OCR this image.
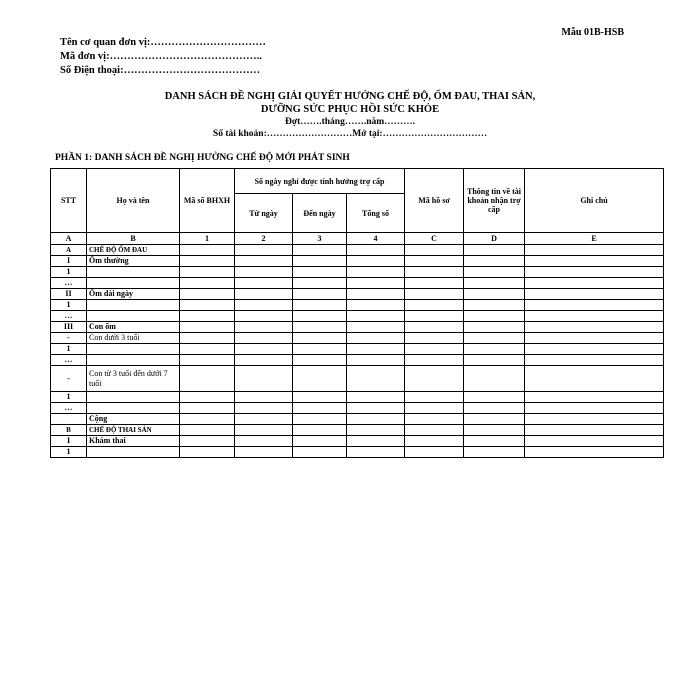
Mẫu 01B-HSB
Tên cơ quan đơn vị:……………………………
Mã đơn vị:……………………………………..
Số Điện thoại:…………………………………
DANH SÁCH ĐỀ NGHỊ GIẢI QUYẾT HƯỞNG CHẾ ĐỘ, ỐM ĐAU, THAI SẢN,
DƯỠNG SỨC PHỤC HỒI SỨC KHỎE
Đợt…….tháng…….năm……….
Số tài khoản:………………………Mở tại:……………………………
PHẦN 1: DANH SÁCH ĐỀ NGHỊ HƯỞNG CHẾ ĐỘ MỚI PHÁT SINH
STT	Họ và tên	Mã số BHXH	Số ngày nghỉ được tính hưởng trợ cấp			Mã hồ sơ	Thông tin về tài khoản nhận trợ cấp	Ghi chú
			Từ ngày	Đến ngày	Tổng số			
A	B	1	2	3	4	C	D	E
A	CHẾ ĐỘ ỐM ĐAU							
I	Ốm thường							
1								
…								
II	Ốm dài ngày							
1								
…								
III	Con ốm							
-	Con dưới 3 tuổi							
1								
…								
-	Con từ 3 tuổi đến dưới 7 tuổi							
1								
…								
	Cộng							
B	CHẾ ĐỘ THAI SẢN							
I	Khám thai							
1								
